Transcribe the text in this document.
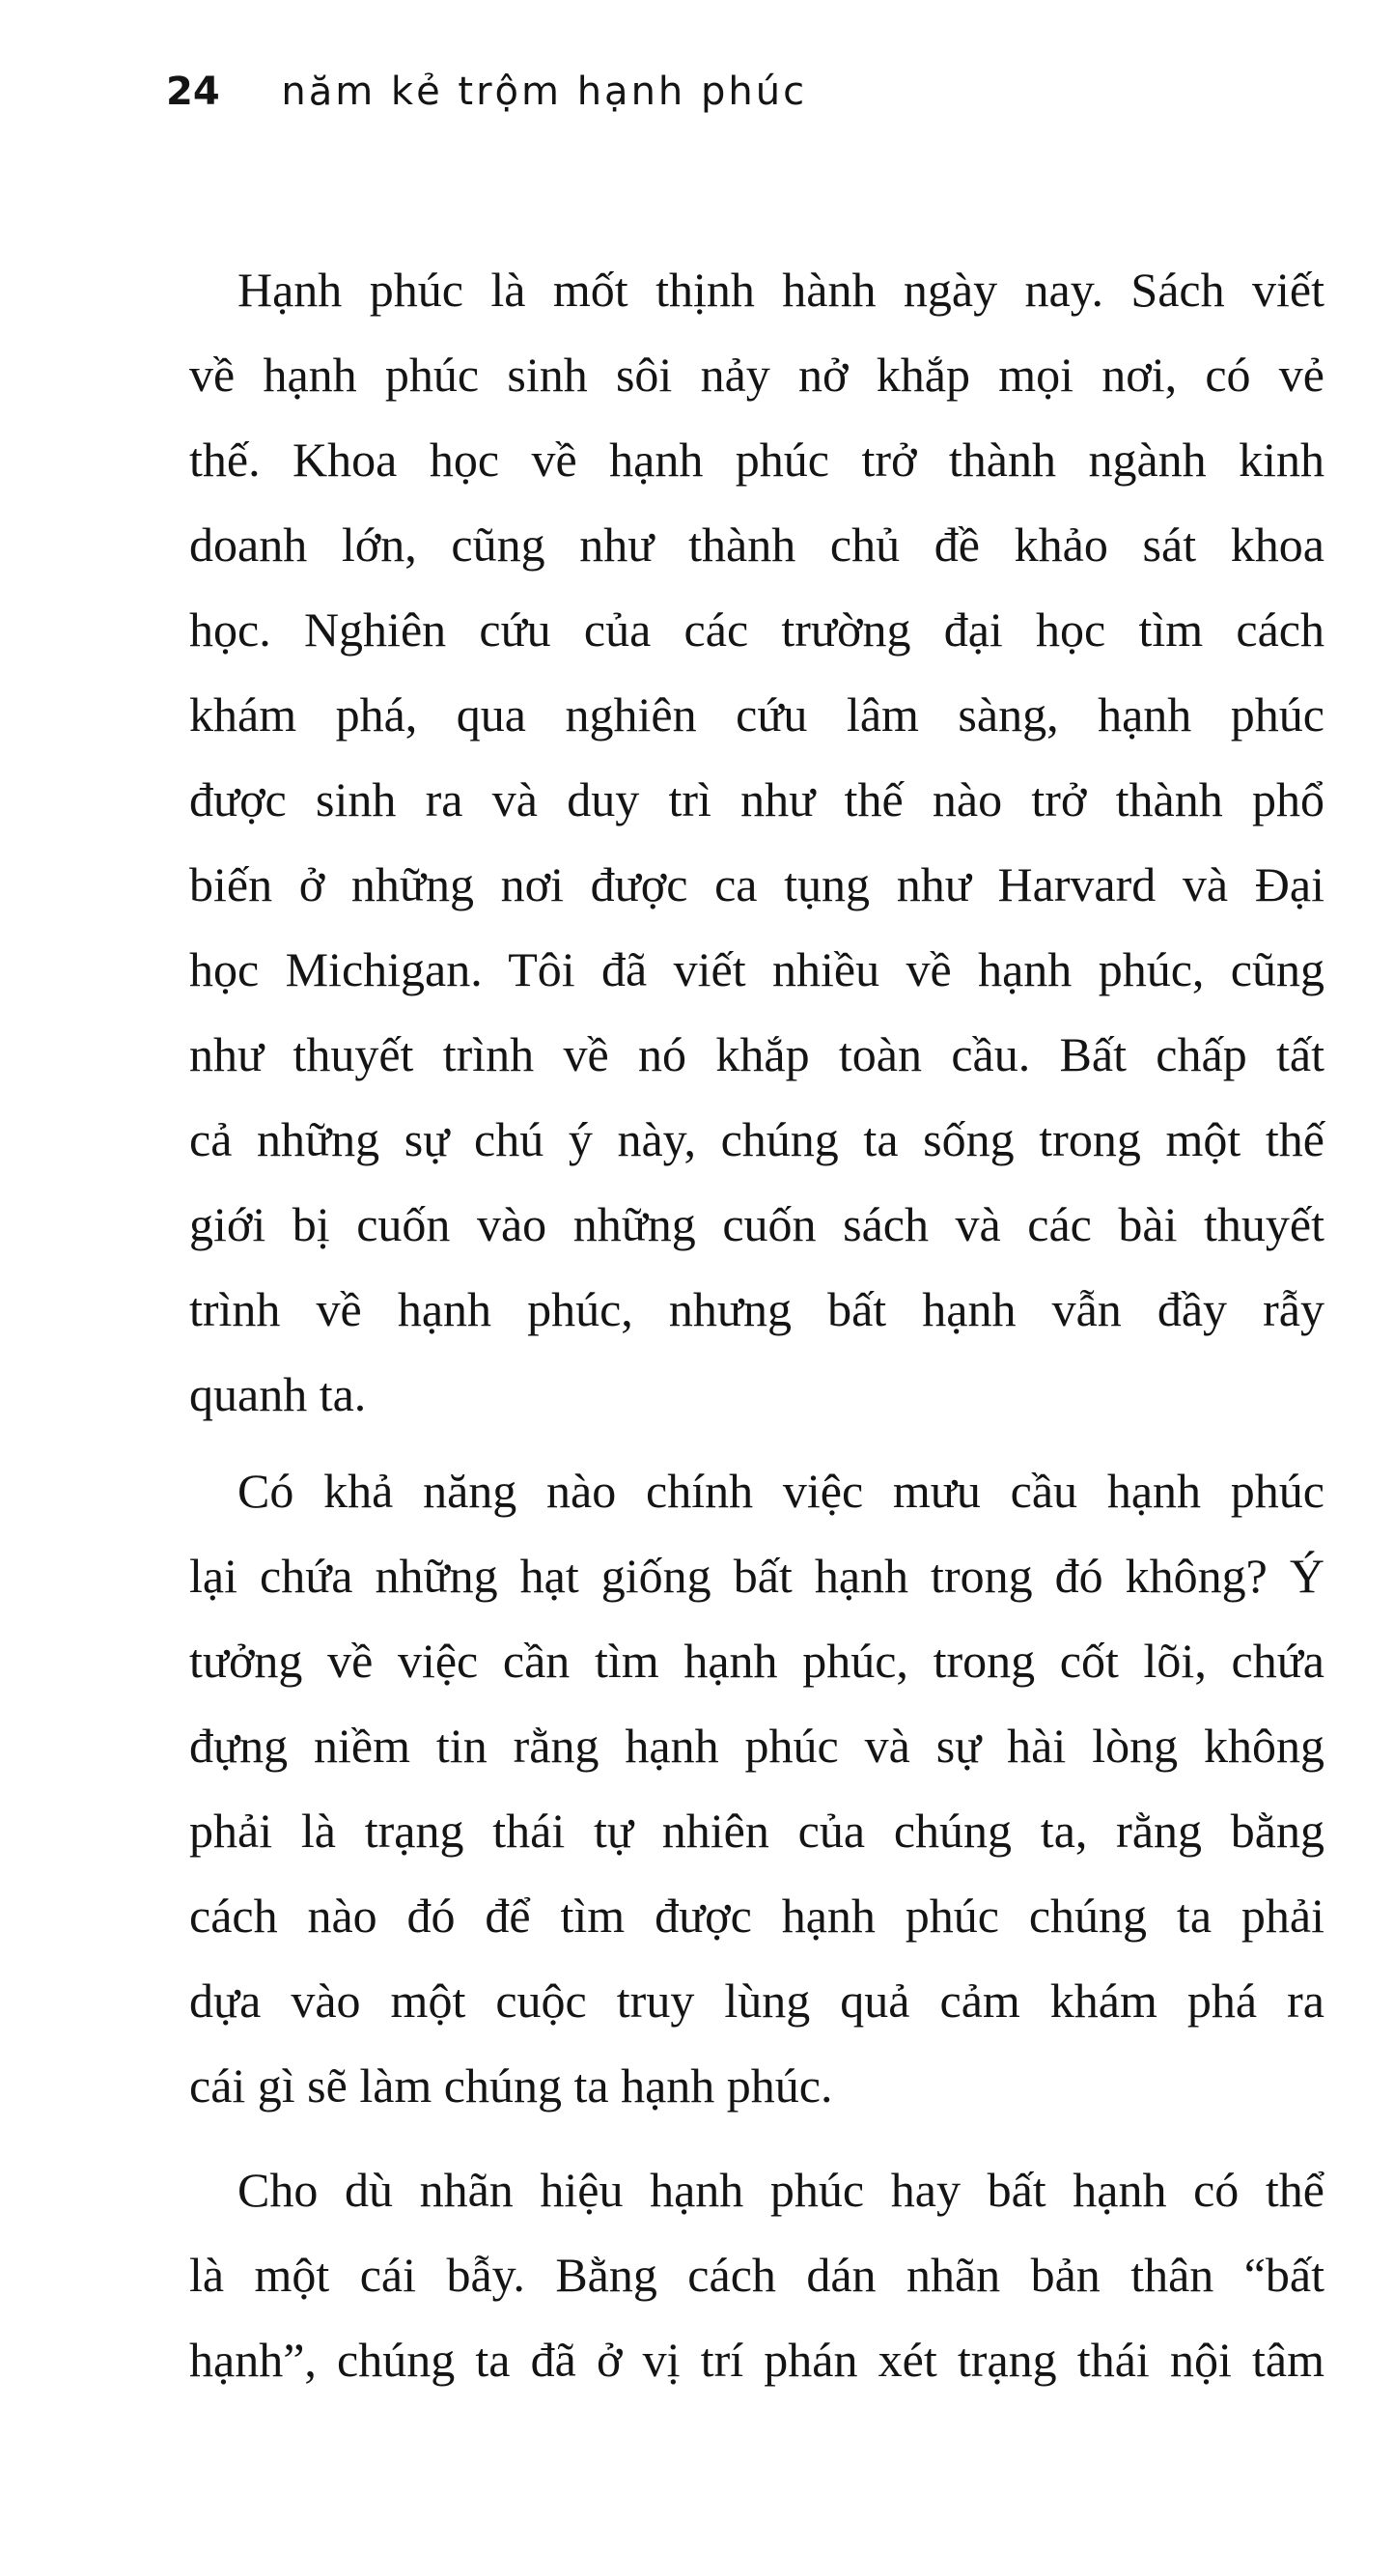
24 năm kẻ trộm hạnh phúc
Hạnh phúc là mốt thịnh hành ngày nay. Sách viết
về hạnh phúc sinh sôi nảy nở khắp mọi nơi, có vẻ
thế. Khoa học về hạnh phúc trở thành ngành kinh
doanh lớn, cũng như thành chủ đề khảo sát khoa
học. Nghiên cứu của các trường đại học tìm cách
khám phá, qua nghiên cứu lâm sàng, hạnh phúc
được sinh ra và duy trì như thế nào trở thành phổ
biến ở những nơi được ca tụng như Harvard và Đại
học Michigan. Tôi đã viết nhiều về hạnh phúc, cũng
như thuyết trình về nó khắp toàn cầu. Bất chấp tất
cả những sự chú ý này, chúng ta sống trong một thế
giới bị cuốn vào những cuốn sách và các bài thuyết
trình về hạnh phúc, nhưng bất hạnh vẫn đầy rẫy
quanh ta.
Có khả năng nào chính việc mưu cầu hạnh phúc
lại chứa những hạt giống bất hạnh trong đó không? Ý
tưởng về việc cần tìm hạnh phúc, trong cốt lõi, chứa
đựng niềm tin rằng hạnh phúc và sự hài lòng không
phải là trạng thái tự nhiên của chúng ta, rằng bằng
cách nào đó để tìm được hạnh phúc chúng ta phải
dựa vào một cuộc truy lùng quả cảm khám phá ra
cái gì sẽ làm chúng ta hạnh phúc.
Cho dù nhãn hiệu hạnh phúc hay bất hạnh có thể
là một cái bẫy. Bằng cách dán nhãn bản thân “bất
hạnh”, chúng ta đã ở vị trí phán xét trạng thái nội tâm
